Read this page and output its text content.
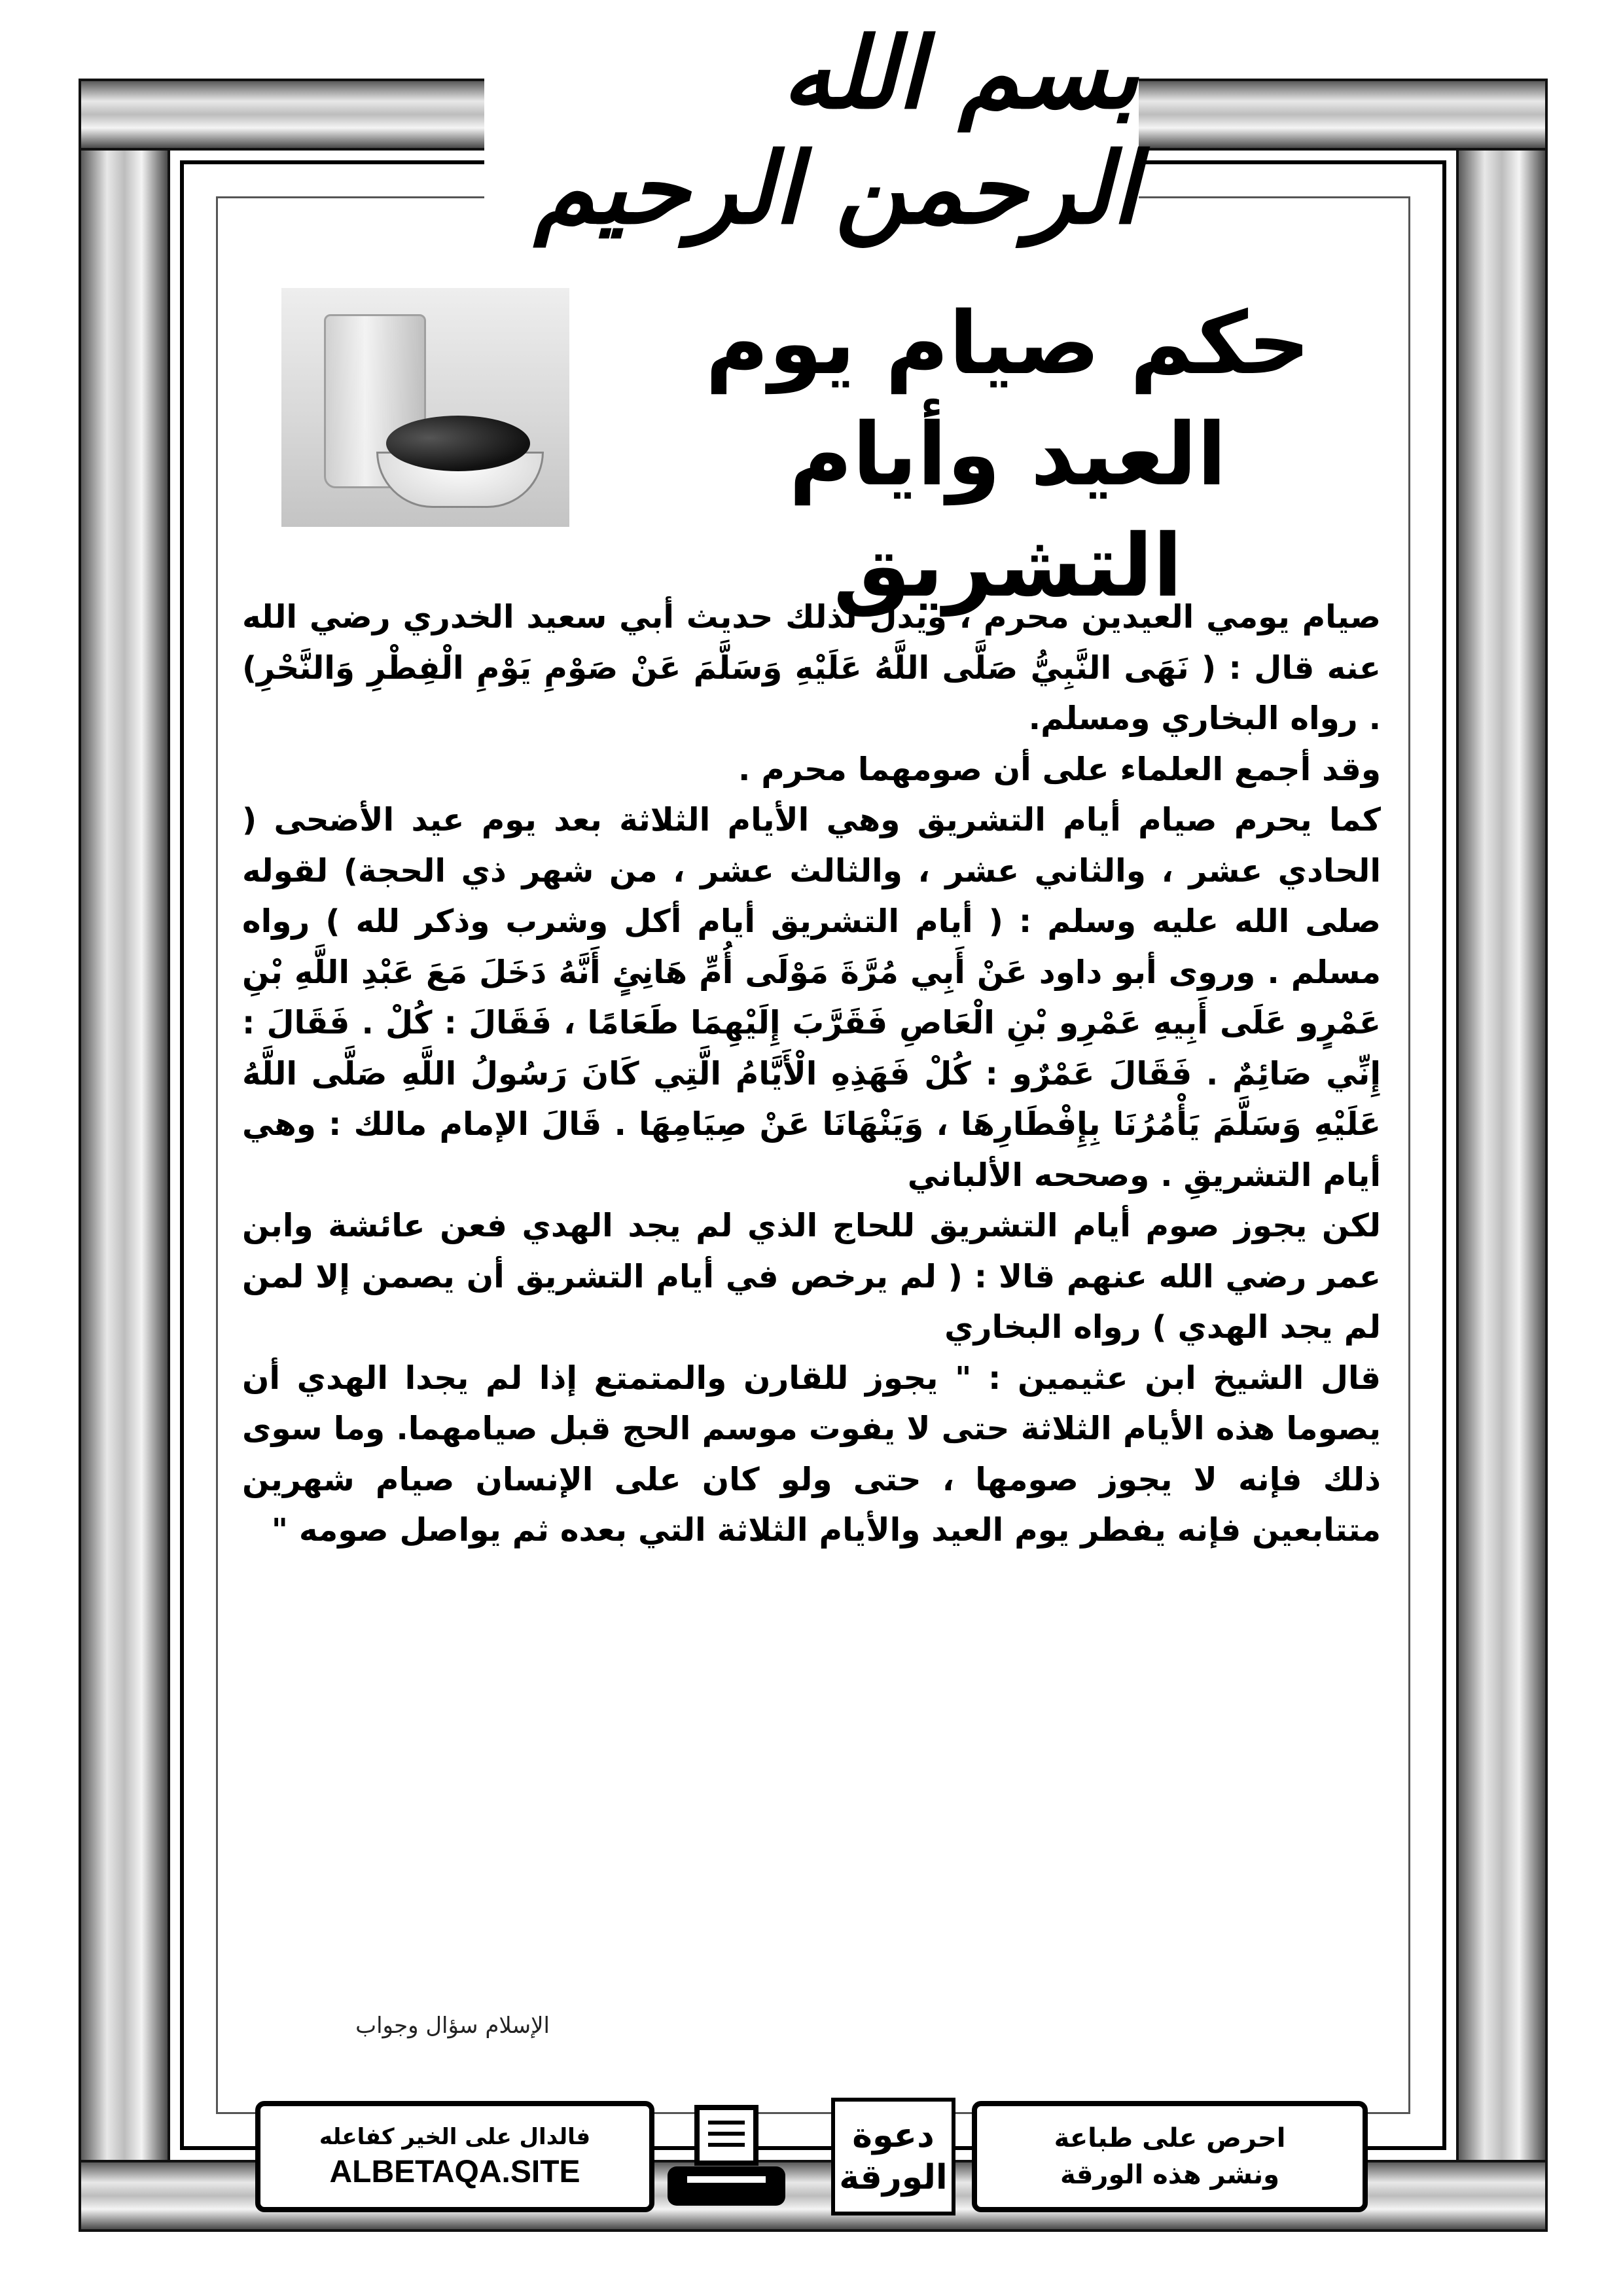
بسم الله الرحمن الرحيم
حكم صيام يوم
العيد وأيام التشريق

صيام يومي العيدين محرم ، ويدل لذلك حديث أبي سعيد الخدري رضي الله عنه قال : ( نَهَى النَّبِيُّ صَلَّى اللَّهُ عَلَيْهِ وَسَلَّمَ عَنْ صَوْمِ يَوْمِ الْفِطْرِ وَالنَّحْرِ) . رواه البخاري ومسلم.

وقد أجمع العلماء على أن صومهما محرم .

كما يحرم صيام أيام التشريق وهي الأيام الثلاثة بعد يوم عيد الأضحى ( الحادي عشر ، والثاني عشر ، والثالث عشر ، من شهر ذي الحجة) لقوله صلى الله عليه وسلم : ( أيام التشريق أيام أكل وشرب وذكر لله ) رواه مسلم . وروى أبو داود عَنْ أَبِي مُرَّةَ مَوْلَى أُمِّ هَانِئٍ أَنَّهُ دَخَلَ مَعَ عَبْدِ اللَّهِ بْنِ عَمْرٍو عَلَى أَبِيهِ عَمْرِو بْنِ الْعَاصِ فَقَرَّبَ إِلَيْهِمَا طَعَامًا ، فَقَالَ : كُلْ . فَقَالَ : إِنِّي صَائِمٌ . فَقَالَ عَمْرٌو : كُلْ فَهَذِهِ الْأَيَّامُ الَّتِي كَانَ رَسُولُ اللَّهِ صَلَّى اللَّهُ عَلَيْهِ وَسَلَّمَ يَأْمُرُنَا بِإِفْطَارِهَا ، وَيَنْهَانَا عَنْ صِيَامِهَا . قَالَ الإمام مالك : وهي أيام التشريقِ . وصححه الألباني

لكن يجوز صوم أيام التشريق للحاج الذي لم يجد الهدي فعن عائشة وابن عمر رضي الله عنهم قالا : ( لم يرخص في أيام التشريق أن يصمن إلا لمن لم يجد الهدي ) رواه البخاري

قال الشيخ ابن عثيمين : " يجوز للقارن والمتمتع إذا لم يجدا الهدي أن يصوما هذه الأيام الثلاثة حتى لا يفوت موسم الحج قبل صيامهما. وما سوى ذلك فإنه لا يجوز صومها ، حتى ولو كان على الإنسان صيام شهرين متتابعين فإنه يفطر يوم العيد والأيام الثلاثة التي بعده ثم يواصل صومه "

الإسلام سؤال وجواب
فالدال على الخير كفاعله
ALBETAQA.SITE
دعوة
الورقة
احرص على طباعة
ونشر هذه الورقة
